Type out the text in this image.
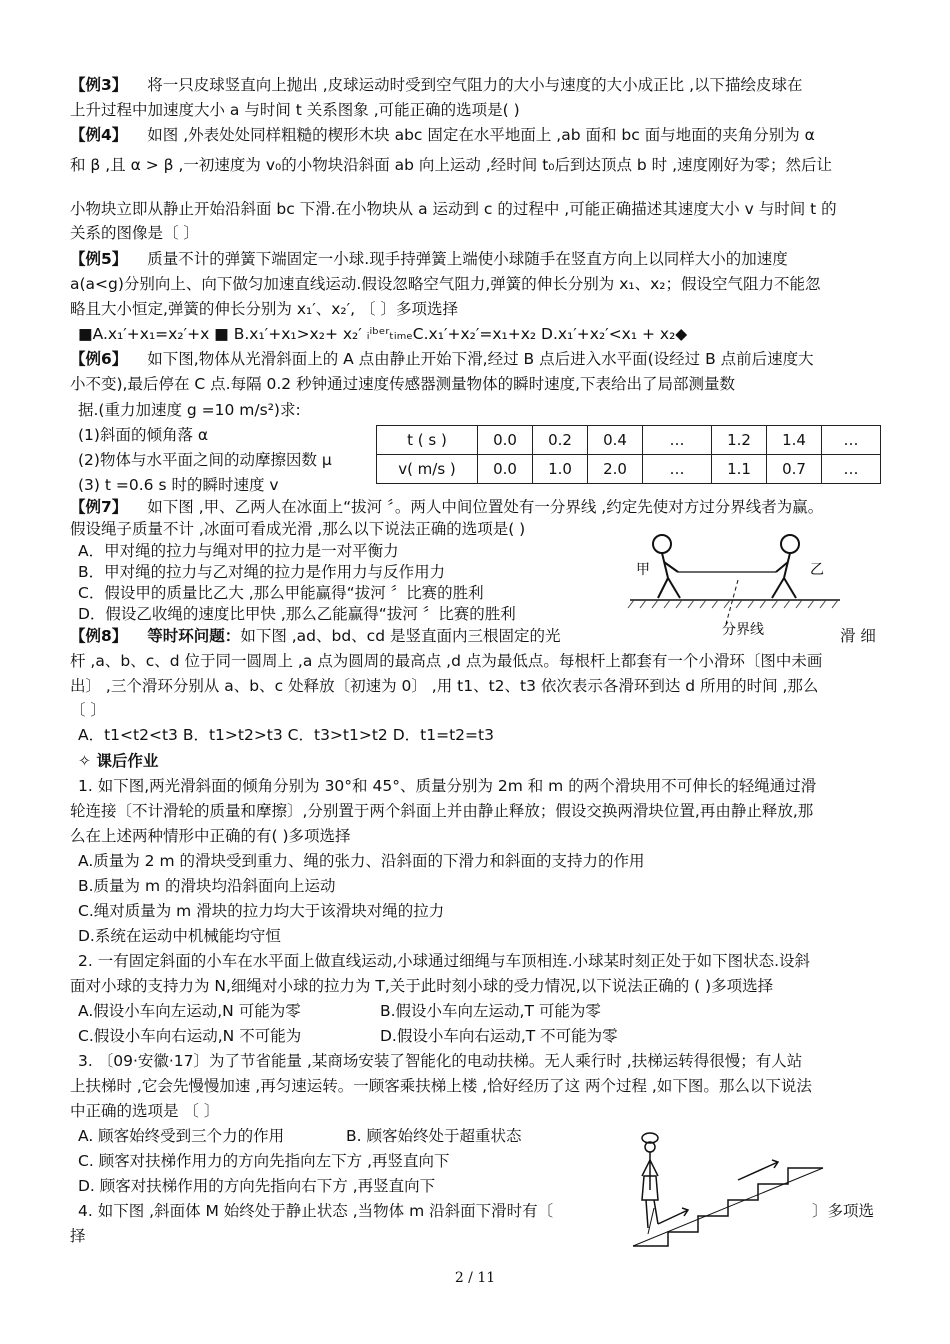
【例3】 将一只皮球竖直向上抛出 ,皮球运动时受到空气阻力的大小与速度的大小成正比 ,以下描绘皮球在
上升过程中加速度大小 a 与时间 t 关系图象 ,可能正确的选项是( )
【例4】 如图 ,外表处处同样粗糙的楔形木块 abc 固定在水平地面上 ,ab 面和 bc 面与地面的夹角分别为 α
和 β ,且 α > β ,一初速度为 v₀的小物块沿斜面 ab 向上运动 ,经时间 t₀后到达顶点 b 时 ,速度刚好为零；然后让
小物块立即从静止开始沿斜面 bc 下滑.在小物块从 a 运动到 c 的过程中 ,可能正确描述其速度大小 v 与时间 t 的
关系的图像是〔 〕
【例5】 质量不计的弹簧下端固定一小球.现手持弹簧上端使小球随手在竖直方向上以同样大小的加速度
a(a<g)分别向上、向下做匀加速直线运动.假设忽略空气阻力,弹簧的伸长分别为 x₁、x₂；假设空气阻力不能忽
略且大小恒定,弹簧的伸长分别为 x₁′、x₂′, 〔 〕多项选择
■A.x₁′+x₁=x₂′+x ■ B.x₁′+x₁>x₂+ x₂′ ᵢⁱᵇᵉʳₜᵢₘₑC.x₁′+x₂′=x₁+x₂ D.x₁′+x₂′<x₁ + x₂◆
【例6】 如下图,物体从光滑斜面上的 A 点由静止开始下滑,经过 B 点后进入水平面(设经过 B 点前后速度大
小不变),最后停在 C 点.每隔 0.2 秒钟通过速度传感器测量物体的瞬时速度,下表给出了局部测量数
据.(重力加速度 g =10 m/s²)求:
(1)斜面的倾角落 α
(2)物体与水平面之间的动摩擦因数 μ
(3) t =0.6 s 时的瞬时速度 v
t ( s )	0.0	0.2	0.4	…	1.2	1.4	…
v( m/s )	0.0	1.0	2.0	…	1.1	0.7	…
【例7】 如下图 ,甲、乙两人在冰面上“拔河 〞。两人中间位置处有一分界线 ,约定先使对方过分界线者为赢。
假设绳子质量不计 ,冰面可看成光滑 ,那么以下说法正确的选项是( )
A．甲对绳的拉力与绳对甲的拉力是一对平衡力
B．甲对绳的拉力与乙对绳的拉力是作用力与反作用力
C．假设甲的质量比乙大 ,那么甲能赢得“拔河 〞比赛的胜利
D．假设乙收绳的速度比甲快 ,那么乙能赢得“拔河 〞比赛的胜利
甲	乙
分界线
【例8】 等时环问题：如下图 ,ad、bd、cd 是竖直面内三根固定的光	滑 细
杆 ,a、b、c、d 位于同一圆周上 ,a 点为圆周的最高点 ,d 点为最低点。每根杆上都套有一个小滑环〔图中未画
出〕 ,三个滑环分别从 a、b、c 处释放〔初速为 0〕 ,用 t1、t2、t3 依次表示各滑环到达 d 所用的时间 ,那么
〔 〕
A．t1<t2<t3 B．t1>t2>t3 C．t3>t1>t2 D．t1=t2=t3
✧ 课后作业
1. 如下图,两光滑斜面的倾角分别为 30°和 45°、质量分别为 2m 和 m 的两个滑块用不可伸长的轻绳通过滑
轮连接〔不计滑轮的质量和摩擦〕,分别置于两个斜面上并由静止释放；假设交换两滑块位置,再由静止释放,那
么在上述两种情形中正确的有( )多项选择
A.质量为 2 m 的滑块受到重力、绳的张力、沿斜面的下滑力和斜面的支持力的作用
B.质量为 m 的滑块均沿斜面向上运动
C.绳对质量为 m 滑块的拉力均大于该滑块对绳的拉力
D.系统在运动中机械能均守恒
2. 一有固定斜面的小车在水平面上做直线运动,小球通过细绳与车顶相连.小球某时刻正处于如下图状态.设斜
面对小球的支持力为 N,细绳对小球的拉力为 T,关于此时刻小球的受力情况,以下说法正确的 ( )多项选择
A.假设小车向左运动,N 可能为零	B.假设小车向左运动,T 可能为零
C.假设小车向右运动,N 不可能为	D.假设小车向右运动,T 不可能为零
3. 〔09·安徽·17〕为了节省能量 ,某商场安装了智能化的电动扶梯。无人乘行时 ,扶梯运转得很慢；有人站
上扶梯时 ,它会先慢慢加速 ,再匀速运转。一顾客乘扶梯上楼 ,恰好经历了这 两个过程 ,如下图。那么以下说法
中正确的选项是 〔 〕
A. 顾客始终受到三个力的作用	B. 顾客始终处于超重状态
C. 顾客对扶梯作用力的方向先指向左下方 ,再竖直向下
D. 顾客对扶梯作用的方向先指向右下方 ,再竖直向下
4. 如下图 ,斜面体 M 始终处于静止状态 ,当物体 m 沿斜面下滑时有〔	〕多项选
择
2 / 11
